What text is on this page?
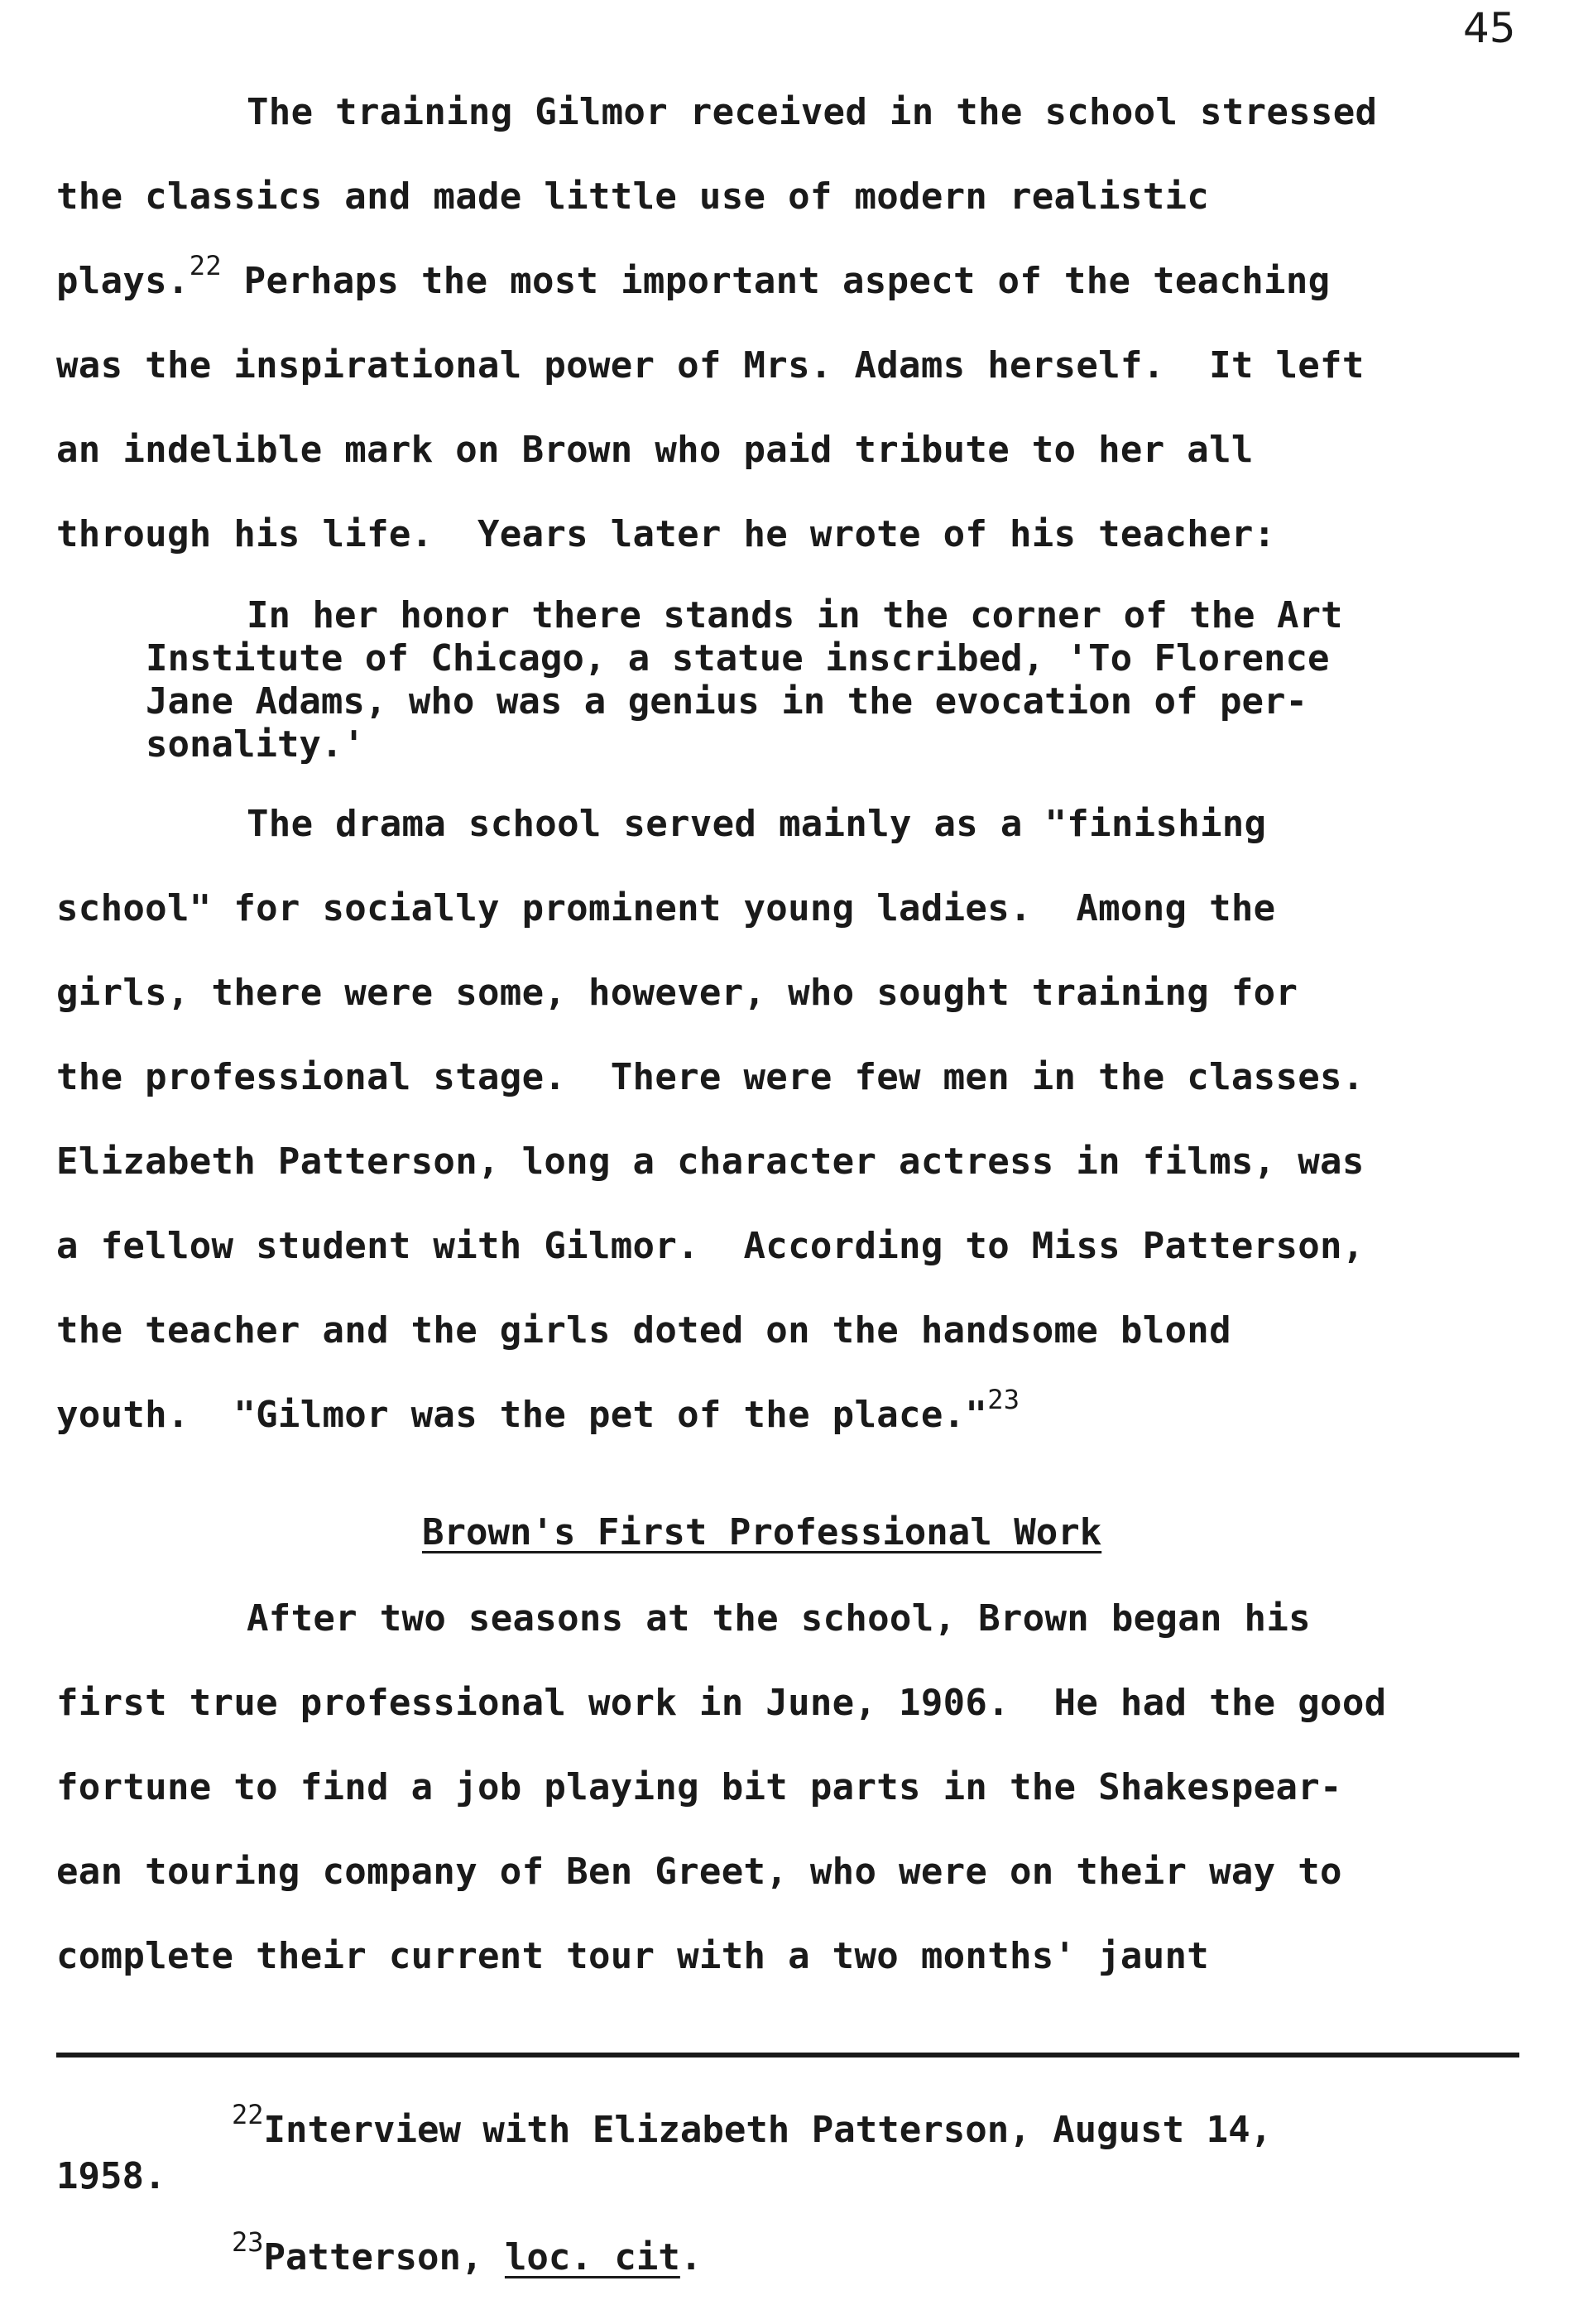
45
The training Gilmor received in the school stressed
the classics and made little use of modern realistic
plays.$^{22}$ Perhaps the most important aspect of the teaching
was the inspirational power of Mrs. Adams herself.  It left
an indelible mark on Brown who paid tribute to her all
through his life.  Years later he wrote of his teacher:
In her honor there stands in the corner of the Art
Institute of Chicago, a statue inscribed, 'To Florence
Jane Adams, who was a genius in the evocation of per-
sonality.'
The drama school served mainly as a "finishing
school" for socially prominent young ladies.  Among the
girls, there were some, however, who sought training for
the professional stage.  There were few men in the classes.
Elizabeth Patterson, long a character actress in films, was
a fellow student with Gilmor.  According to Miss Patterson,
the teacher and the girls doted on the handsome blond
youth.  "Gilmor was the pet of the place."$^{23}$
Brown's First Professional Work
After two seasons at the school, Brown began his
first true professional work in June, 1906.  He had the good
fortune to find a job playing bit parts in the Shakespear-
ean touring company of Ben Greet, who were on their way to
complete their current tour with a two months' jaunt
$^{22}$Interview with Elizabeth Patterson, August 14,
1958.
$^{23}$Patterson, loc. cit.
